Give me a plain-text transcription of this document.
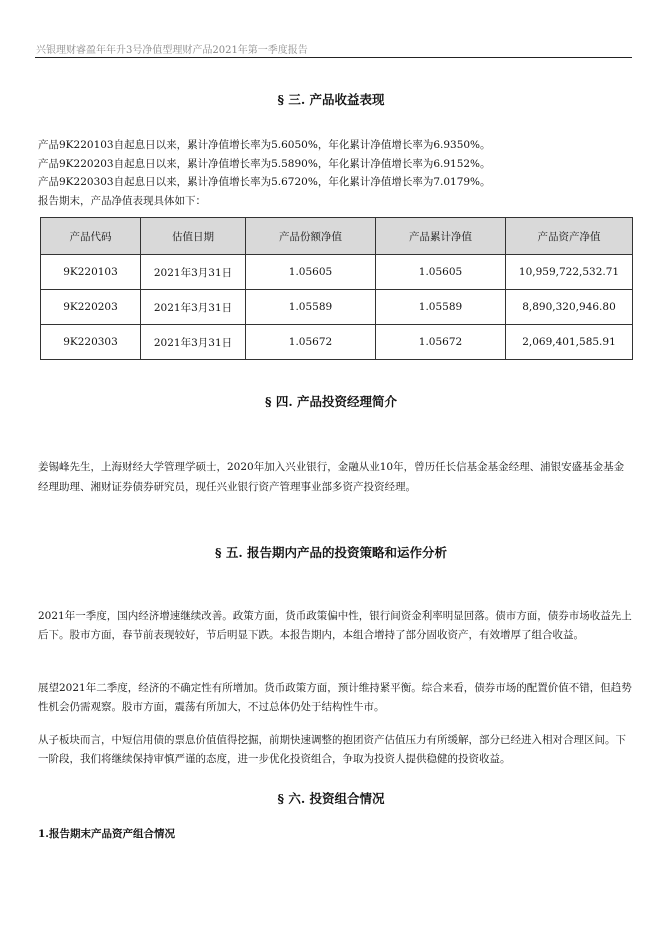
兴银理财睿盈年年升3号净值型理财产品2021年第一季度报告
§ 三. 产品收益表现
产品9K220103自起息日以来，累计净值增长率为5.6050%，年化累计净值增长率为6.9350%。
产品9K220203自起息日以来，累计净值增长率为5.5890%，年化累计净值增长率为6.9152%。
产品9K220303自起息日以来，累计净值增长率为5.6720%，年化累计净值增长率为7.0179%。
报告期末，产品净值表现具体如下：
产品代码	估值日期	产品份额净值	产品累计净值	产品资产净值
9K220103	2021年3月31日	1.05605	1.05605	10,959,722,532.71
9K220203	2021年3月31日	1.05589	1.05589	8,890,320,946.80
9K220303	2021年3月31日	1.05672	1.05672	2,069,401,585.91
§ 四. 产品投资经理简介
姜锡峰先生，上海财经大学管理学硕士，2020年加入兴业银行，金融从业10年，曾历任长信基金基金经理、浦银安盛基金基金经理助理、湘财证券债券研究员，现任兴业银行资产管理事业部多资产投资经理。
§ 五. 报告期内产品的投资策略和运作分析
2021年一季度，国内经济增速继续改善。政策方面，货币政策偏中性，银行间资金利率明显回落。债市方面，债券市场收益先上后下。股市方面，春节前表现较好，节后明显下跌。本报告期内，本组合增持了部分固收资产，有效增厚了组合收益。
展望2021年二季度，经济的不确定性有所增加。货币政策方面，预计维持紧平衡。综合来看，债券市场的配置价值不错，但趋势性机会仍需观察。股市方面，震荡有所加大，不过总体仍处于结构性牛市。
从子板块而言，中短信用债的票息价值值得挖掘，前期快速调整的抱团资产估值压力有所缓解，部分已经进入相对合理区间。下一阶段，我们将继续保持审慎严谨的态度，进一步优化投资组合，争取为投资人提供稳健的投资收益。
§ 六. 投资组合情况
1.报告期末产品资产组合情况
